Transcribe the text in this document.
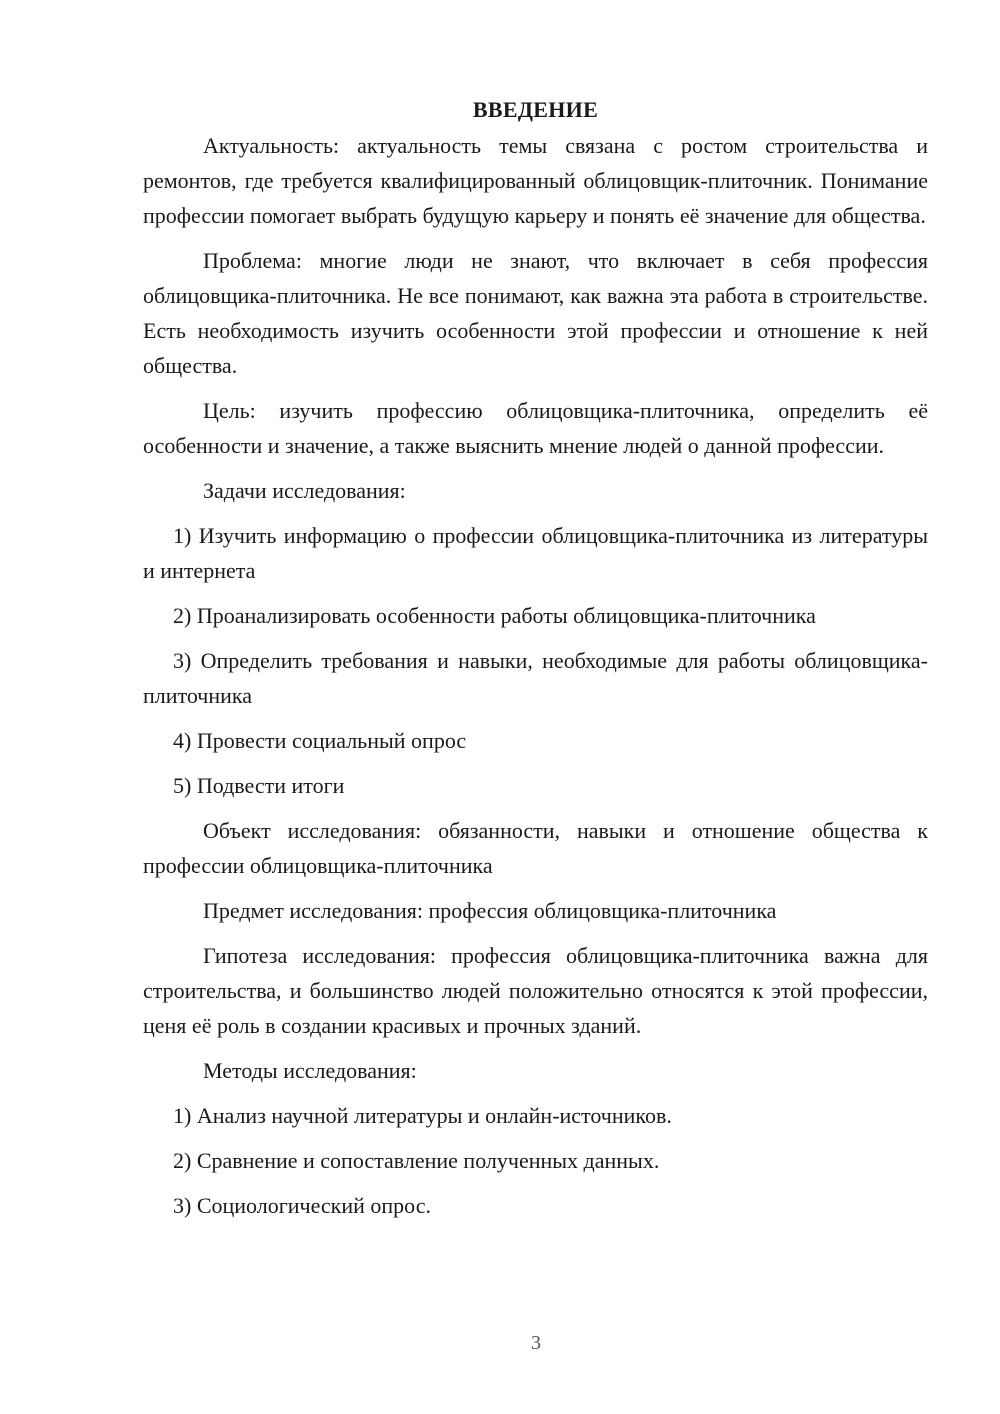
ВВЕДЕНИЕ

Актуальность: актуальность темы связана с ростом строительства и ремонтов, где требуется квалифицированный облицовщик-плиточник. Понимание профессии помогает выбрать будущую карьеру и понять её значение для общества.

Проблема: многие люди не знают, что включает в себя профессия облицовщика-плиточника. Не все понимают, как важна эта работа в строительстве. Есть необходимость изучить особенности этой профессии и отношение к ней общества.

Цель: изучить профессию облицовщика-плиточника, определить её особенности и значение, а также выяснить мнение людей о данной профессии.

Задачи исследования:

1) Изучить информацию о профессии облицовщика-плиточника из литературы и интернета

2) Проанализировать особенности работы облицовщика-плиточника

3) Определить требования и навыки, необходимые для работы облицовщика-плиточника

4) Провести социальный опрос

5) Подвести итоги

Объект исследования: обязанности, навыки и отношение общества к профессии облицовщика-плиточника

Предмет исследования: профессия облицовщика-плиточника

Гипотеза исследования: профессия облицовщика-плиточника важна для строительства, и большинство людей положительно относятся к этой профессии, ценя её роль в создании красивых и прочных зданий.

Методы исследования:

1) Анализ научной литературы и онлайн-источников.

2) Сравнение и сопоставление полученных данных.

3) Социологический опрос.

3
